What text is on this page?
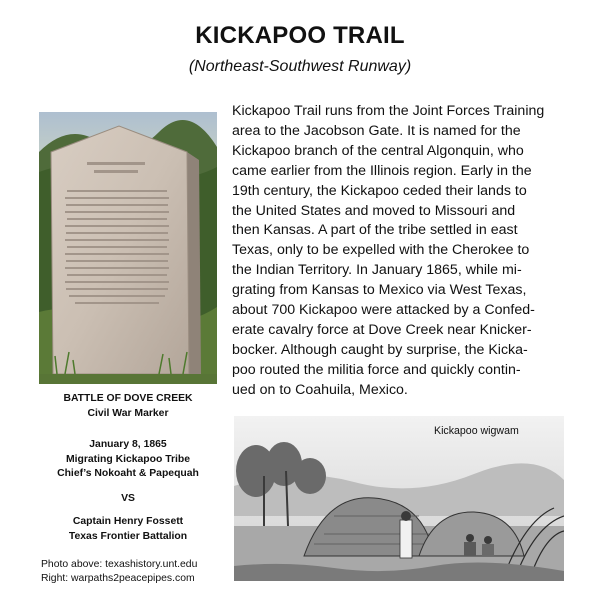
KICKAPOO TRAIL
(Northeast-Southwest Runway)
Kickapoo Trail runs from the Joint Forces Training
area to the Jacobson Gate. It is named for the
Kickapoo branch of the central Algonquin, who
came earlier from the Illinois region. Early in the
19th century, the Kickapoo ceded their lands to
the United States and moved to Missouri and
then Kansas. A part of the tribe settled in east
Texas, only to be expelled with the Cherokee to
the Indian Territory. In January 1865, while mi-
grating from Kansas to Mexico via West Texas,
about 700 Kickapoo were attacked by a Confed-
erate cavalry force at Dove Creek near Knicker-
bocker. Although caught by surprise, the Kicka-
poo routed the militia force and quickly contin-
ued on to Coahuila, Mexico.
BATTLE OF DOVE CREEK
Civil War Marker
January 8, 1865
Migrating Kickapoo Tribe
Chief’s Nokoaht & Papequah
VS
Captain Henry Fossett
Texas Frontier Battalion
Photo above: texashistory.unt.edu
Right: warpaths2peacepipes.com
Kickapoo wigwam
